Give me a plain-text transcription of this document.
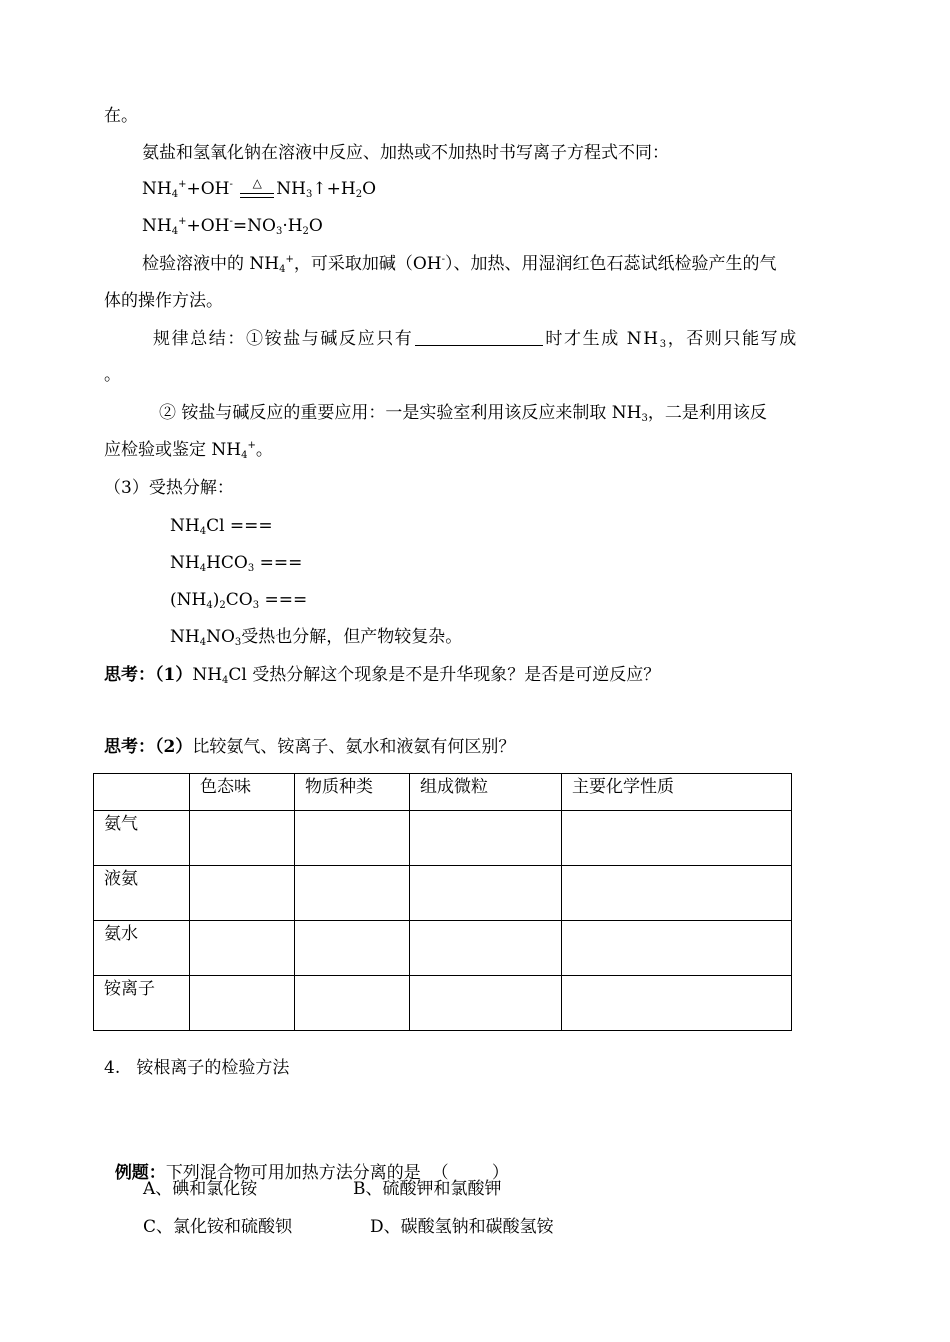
在。
氨盐和氢氧化钠在溶液中反应、加热或不加热时书写离子方程式不同：
$NH_4^++OH^-$	△ $NH_3↑+H_2O$
$NH_4^++OH^-=NO_3\cdot H_2O$
检验溶液中的 $NH_4^+$，可采取加碱（OH-）、加热、用湿润红色石蕊试纸检验产生的气
体的操作方法。
规律总结：①铵盐与碱反应只有	时才生成 $NH_3$，否则只能写成
。
② 铵盐与碱反应的重要应用：一是实验室利用该反应来制取 $NH_3$，二是利用该反
应检验或鉴定 $NH_4^+$。
（3）受热分解：
$NH_4Cl$ ===
$NH_4HCO_3$ ===
$(NH_4)_2CO_3$ ===
$NH_4NO_3$受热也分解，但产物较复杂。
思考：$(1)NH_4Cl$ 受热分解这个现象是不是升华现象？是否是可逆反应？
思考：（2）比较氨气、铵离子、氨水和液氨有何区别？
	色态味	物质种类	组成微粒	主要化学性质
氨气				
液氨				
氨水				
铵离子				
4.   铵根离子的检验方法

例题：下列混合物可用加热方法分离的是  （        ）

A、碘和氯化铵	B、硫酸钾和氯酸钾
C、氯化铵和硫酸钡	D、碳酸氢钠和碳酸氢铵
